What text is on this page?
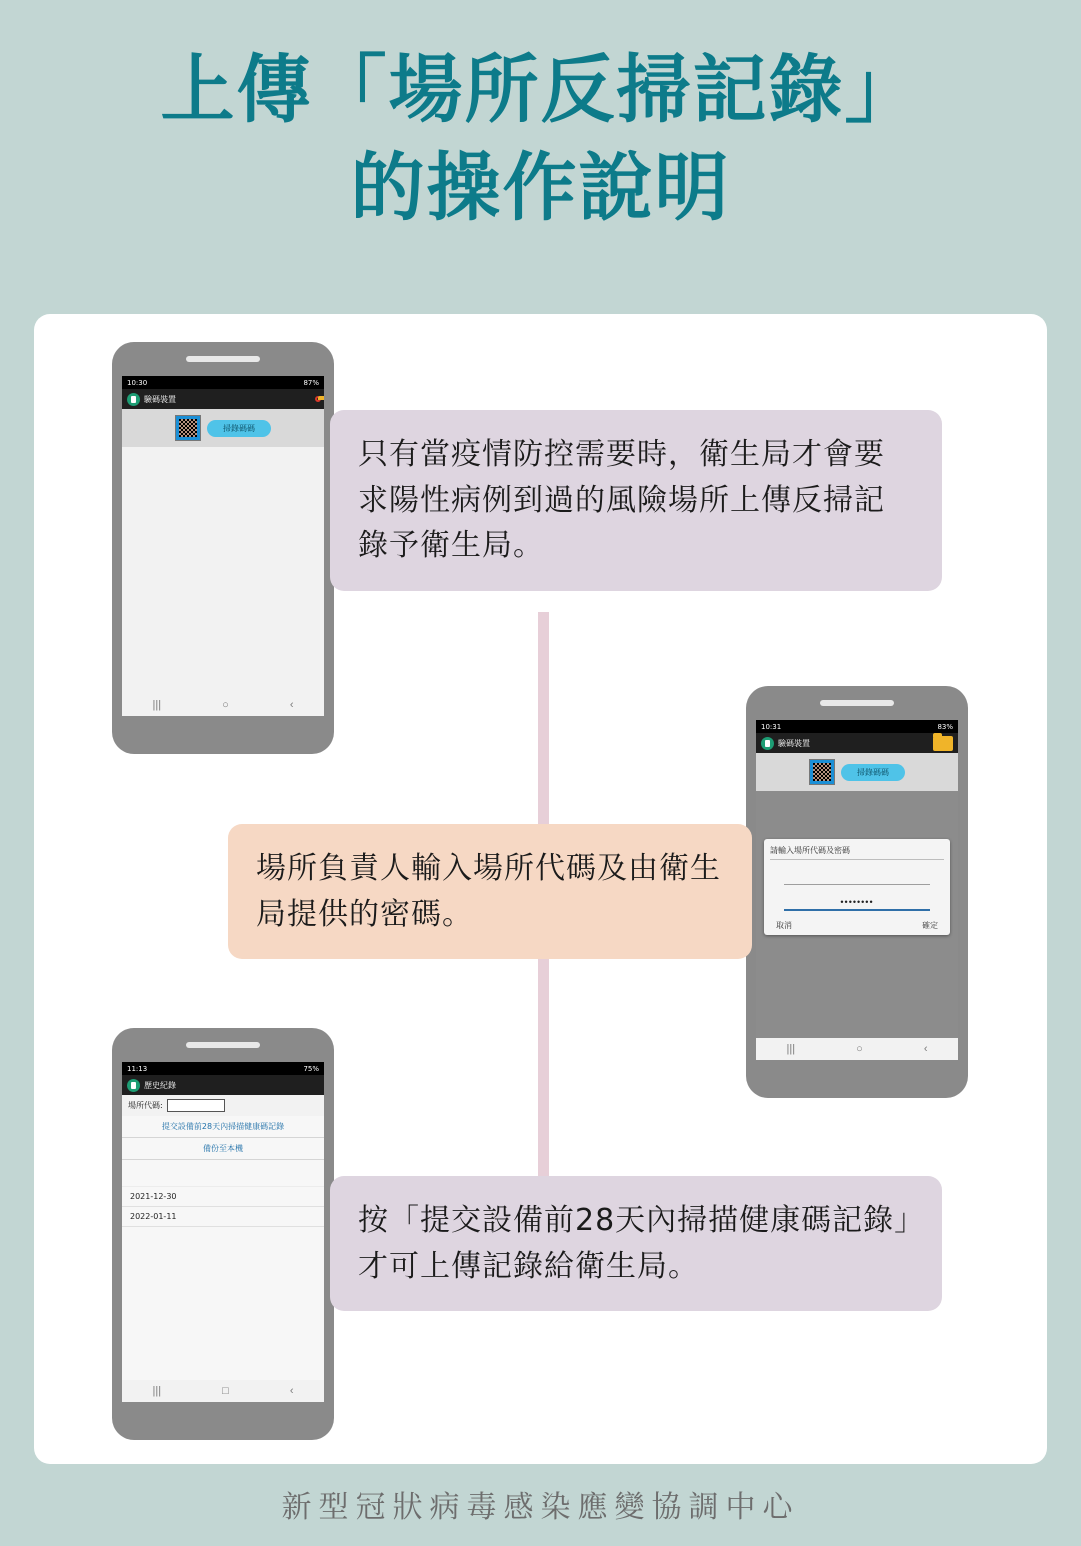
上傳「場所反掃記錄」
的操作說明
10:30	87%
驗碼裝置
掃錄碼碼
|||	○	‹
10:31	83%
驗碼裝置
掃錄碼碼
請輸入場所代碼及密碼
••••••••
取消	確定
|||	○	‹
11:13	75%
歷史紀錄
場所代碼:
提交設備前28天內掃描健康碼記錄
備份至本機
2021-12-30
2022-01-11
|||	□	‹

只有當疫情防控需要時，衛生局才會要求陽性病例到過的風險場所上傳反掃記錄予衛生局。

場所負責人輸入場所代碼及由衛生局提供的密碼。

按「提交設備前28天內掃描健康碼記錄」才可上傳記錄給衛生局。

新型冠狀病毒感染應變協調中心
